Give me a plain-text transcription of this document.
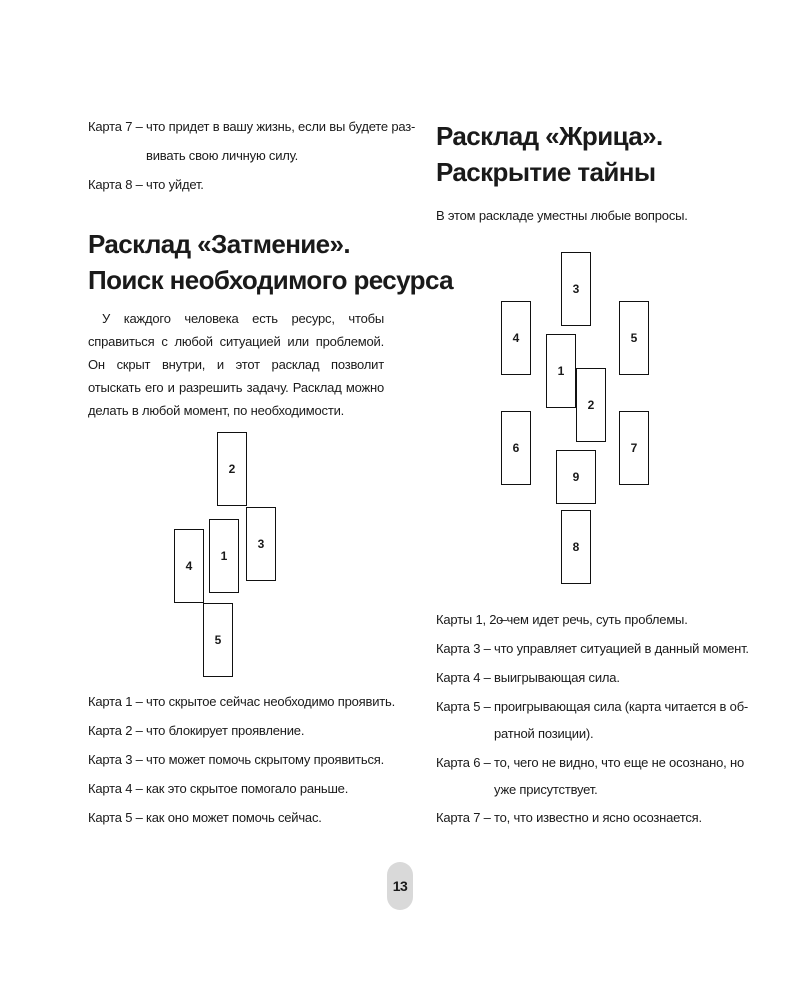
Карта 7 – что придет в вашу жизнь, если вы будете раз-
вивать свою личную силу.
Карта 8 – что уйдет.
Расклад «Затмение».
Поиск необходимого ресурса

У каждого человека есть ресурс, чтобы справиться с любой ситуацией или проблемой. Он скрыт внутри, и этот расклад позволит отыскать его и разрешить задачу. Расклад можно делать в любой момент, по необходимости.

2
3
4
5
1
Карта 1 – что скрытое сейчас необходимо проявить.
Карта 2 – что блокирует проявление.
Карта 3 – что может помочь скрытому проявиться.
Карта 4 – как это скрытое помогало раньше.
Карта 5 – как оно может помочь сейчас.
Расклад «Жрица».
Раскрытие тайны
В этом раскладе уместны любые вопросы.
3
4	5
6	7
8
1
2
9
Карты 1, 2 –о чем идет речь, суть проблемы.
Карта 3 – что управляет ситуацией в данный момент.
Карта 4 – выигрывающая сила.
Карта 5 – проигрывающая сила (карта читается в об-
ратной позиции).
Карта 6 – то, чего не видно, что еще не осознано, но
уже присутствует.
Карта 7 – то, что известно и ясно осознается.
13
